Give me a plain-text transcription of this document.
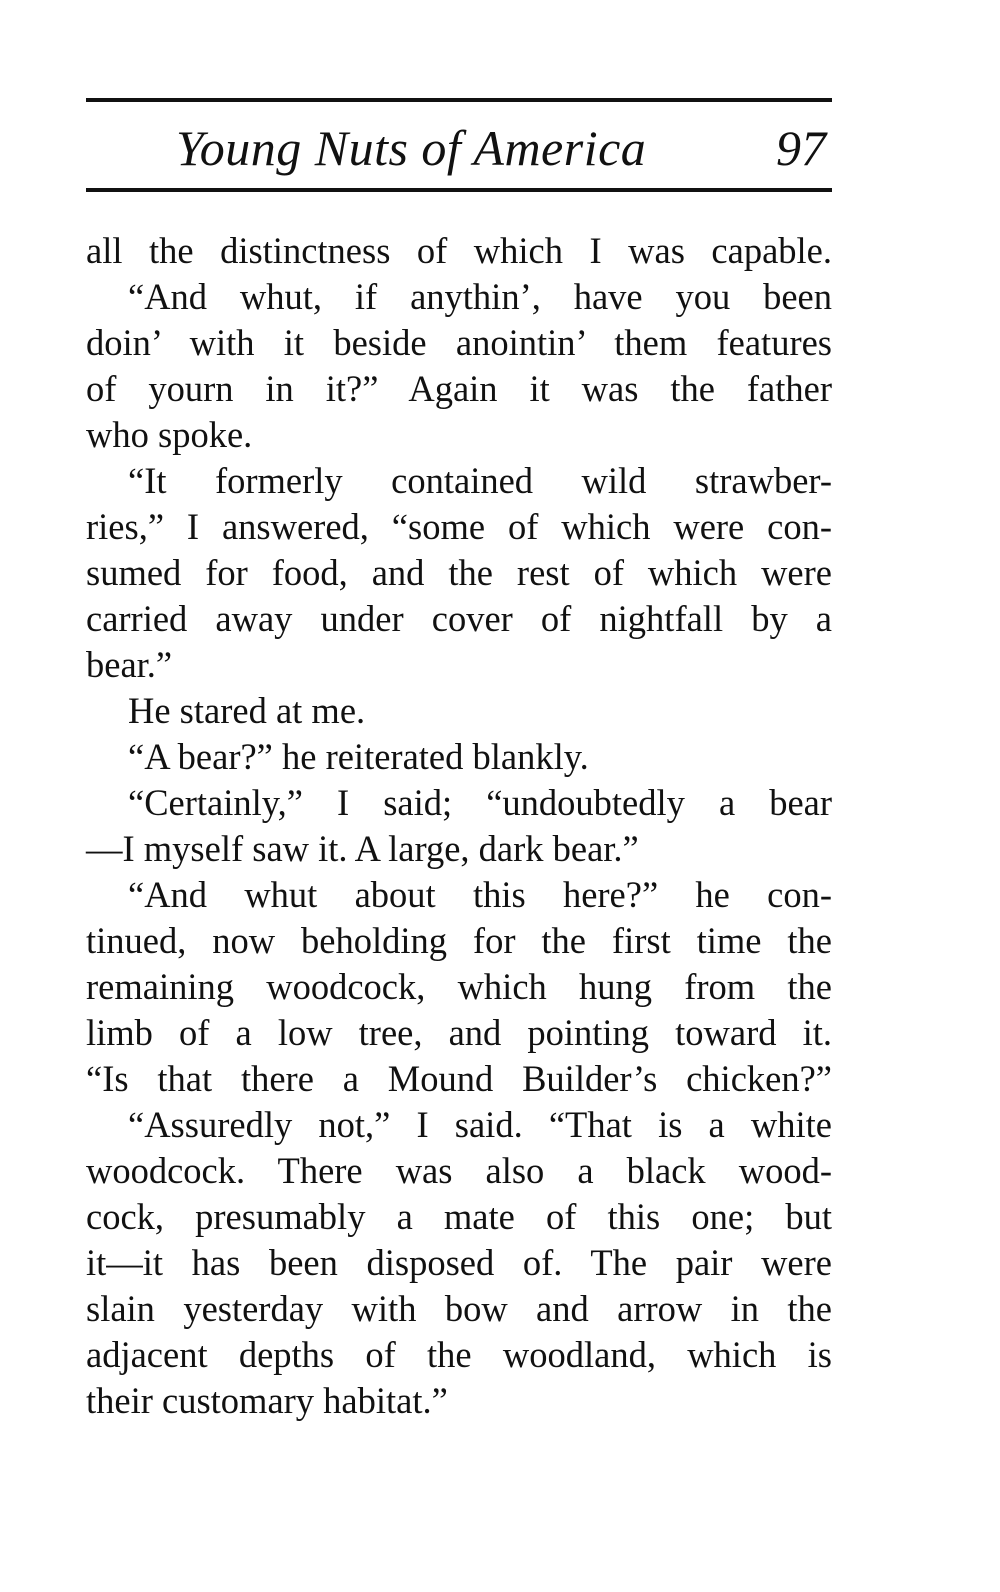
Young Nuts of America	97
all the distinctness of which I was capable.
“And whut, if anythin’, have you been
doin’ with it beside anointin’ them features
of yourn in it?” Again it was the father
who spoke.
“It formerly contained wild strawber-
ries,” I answered, “some of which were con-
sumed for food, and the rest of which were
carried away under cover of nightfall by a
bear.”
He stared at me.
“A bear?” he reiterated blankly.
“Certainly,” I said; “undoubtedly a bear
—I myself saw it. A large, dark bear.”
“And whut about this here?” he con-
tinued, now beholding for the first time the
remaining woodcock, which hung from the
limb of a low tree, and pointing toward it.
“Is that there a Mound Builder’s chicken?”
“Assuredly not,” I said. “That is a white
woodcock. There was also a black wood-
cock, presumably a mate of this one; but
it—it has been disposed of. The pair were
slain yesterday with bow and arrow in the
adjacent depths of the woodland, which is
their customary habitat.”
